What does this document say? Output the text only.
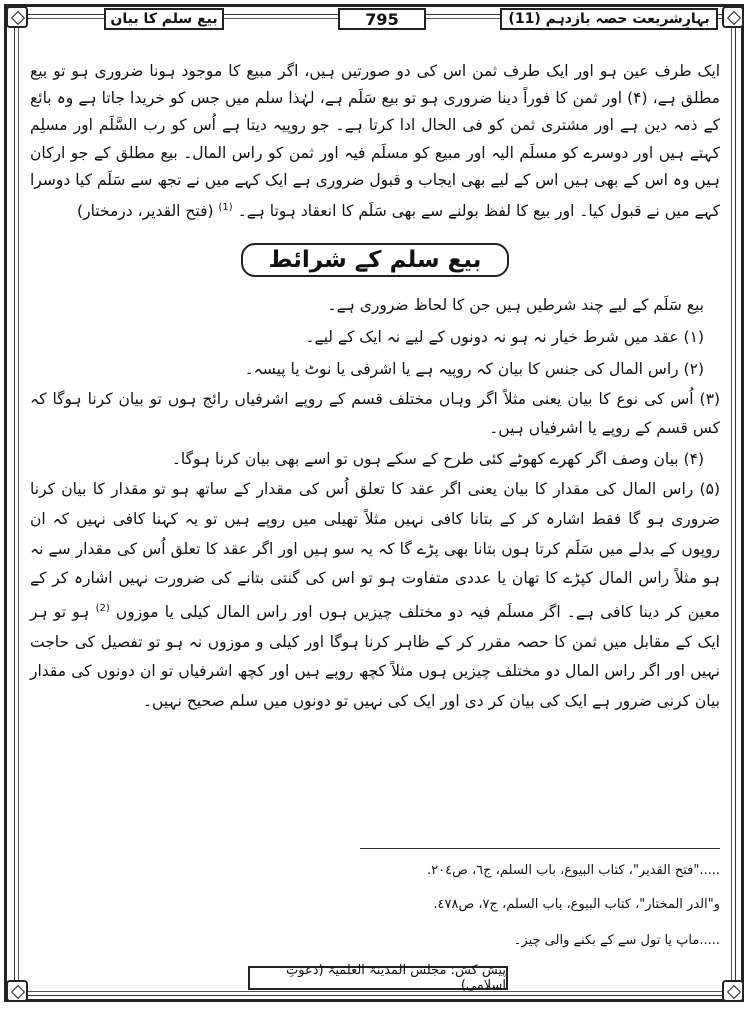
بہارِشریعت حصہ یازدہم (11)
795
بیع سلم کا بیان

ایک طرف عین ہو اور ایک طرف ثمن اس کی دو صورتیں ہیں، اگر مبیع کا موجود ہونا ضروری ہو تو بیع مطلق ہے، (۴) اور ثمن کا فوراً دینا ضروری ہو تو بیع سَلَم ہے، لہٰذا سلم میں جس کو خریدا جاتا ہے وہ بائع کے ذمہ دین ہے اور مشتری ثمن کو فی الحال ادا کرتا ہے۔ جو روپیہ دیتا ہے اُس کو رب السَّلَم اور مسلِم کہتے ہیں اور دوسرے کو مسلَم الیہ اور مبیع کو مسلَم فیہ اور ثمن کو راس المال۔ بیع مطلق کے جو ارکان ہیں وہ اس کے بھی ہیں اس کے لیے بھی ایجاب و قبول ضروری ہے ایک کہے میں نے تجھ سے سَلَم کیا دوسرا کہے میں نے قبول کیا۔ اور بیع کا لفظ بولنے سے بھی سَلَم کا انعقاد ہوتا ہے۔ $^{(1)}$ (فتح القدیر، درمختار)

بیع سلم کے شرائط

بیع سَلَم کے لیے چند شرطیں ہیں جن کا لحاظ ضروری ہے۔

(۱) عقد میں شرط خیار نہ ہو نہ دونوں کے لیے نہ ایک کے لیے۔

(۲) راس المال کی جنس کا بیان کہ روپیہ ہے یا اشرفی یا نوٹ یا پیسہ۔

(۳) اُس کی نوع کا بیان یعنی مثلاً اگر وہاں مختلف قسم کے روپے اشرفیاں رائج ہوں تو بیان کرنا ہوگا کہ کس قسم کے روپے یا اشرفیاں ہیں۔

(۴) بیان وصف اگر کھرے کھوٹے کئی طرح کے سکے ہوں تو اسے بھی بیان کرنا ہوگا۔

(۵) راس المال کی مقدار کا بیان یعنی اگر عقد کا تعلق اُس کی مقدار کے ساتھ ہو تو مقدار کا بیان کرنا ضروری ہو گا فقط اشارہ کر کے بتانا کافی نہیں مثلاً تھیلی میں روپے ہیں تو یہ کہنا کافی نہیں کہ ان روپوں کے بدلے میں سَلَم کرتا ہوں بتانا بھی پڑے گا کہ یہ سو ہیں اور اگر عقد کا تعلق اُس کی مقدار سے نہ ہو مثلاً راس المال کپڑے کا تھان یا عددی متفاوت ہو تو اس کی گنتی بتانے کی ضرورت نہیں اشارہ کر کے معین کر دینا کافی ہے۔ اگر مسلَم فیہ دو مختلف چیزیں ہوں اور راس المال کیلی یا موزوں $^{(2)}$ ہو تو ہر ایک کے مقابل میں ثمن کا حصہ مقرر کر کے ظاہر کرنا ہوگا اور کیلی و موزوں نہ ہو تو تفصیل کی حاجت نہیں اور اگر راس المال دو مختلف چیزیں ہوں مثلاً کچھ روپے ہیں اور کچھ اشرفیاں تو ان دونوں کی مقدار بیان کرنی ضرور ہے ایک کی بیان کر دی اور ایک کی نہیں تو دونوں میں سلم صحیح نہیں۔

....."فتح القدير"، كتاب البيوع، باب السلم، ج٦، ص٢٠٤.
و"الدر المختار"، كتاب البيوع، باب السلم، ج٧، ص٤٧٨.
.....ماپ یا تول سے کے بکنے والی چیز۔
پیش کش: مجلس المدینۃ العلمیۃ (دعوتِ اسلامی)
